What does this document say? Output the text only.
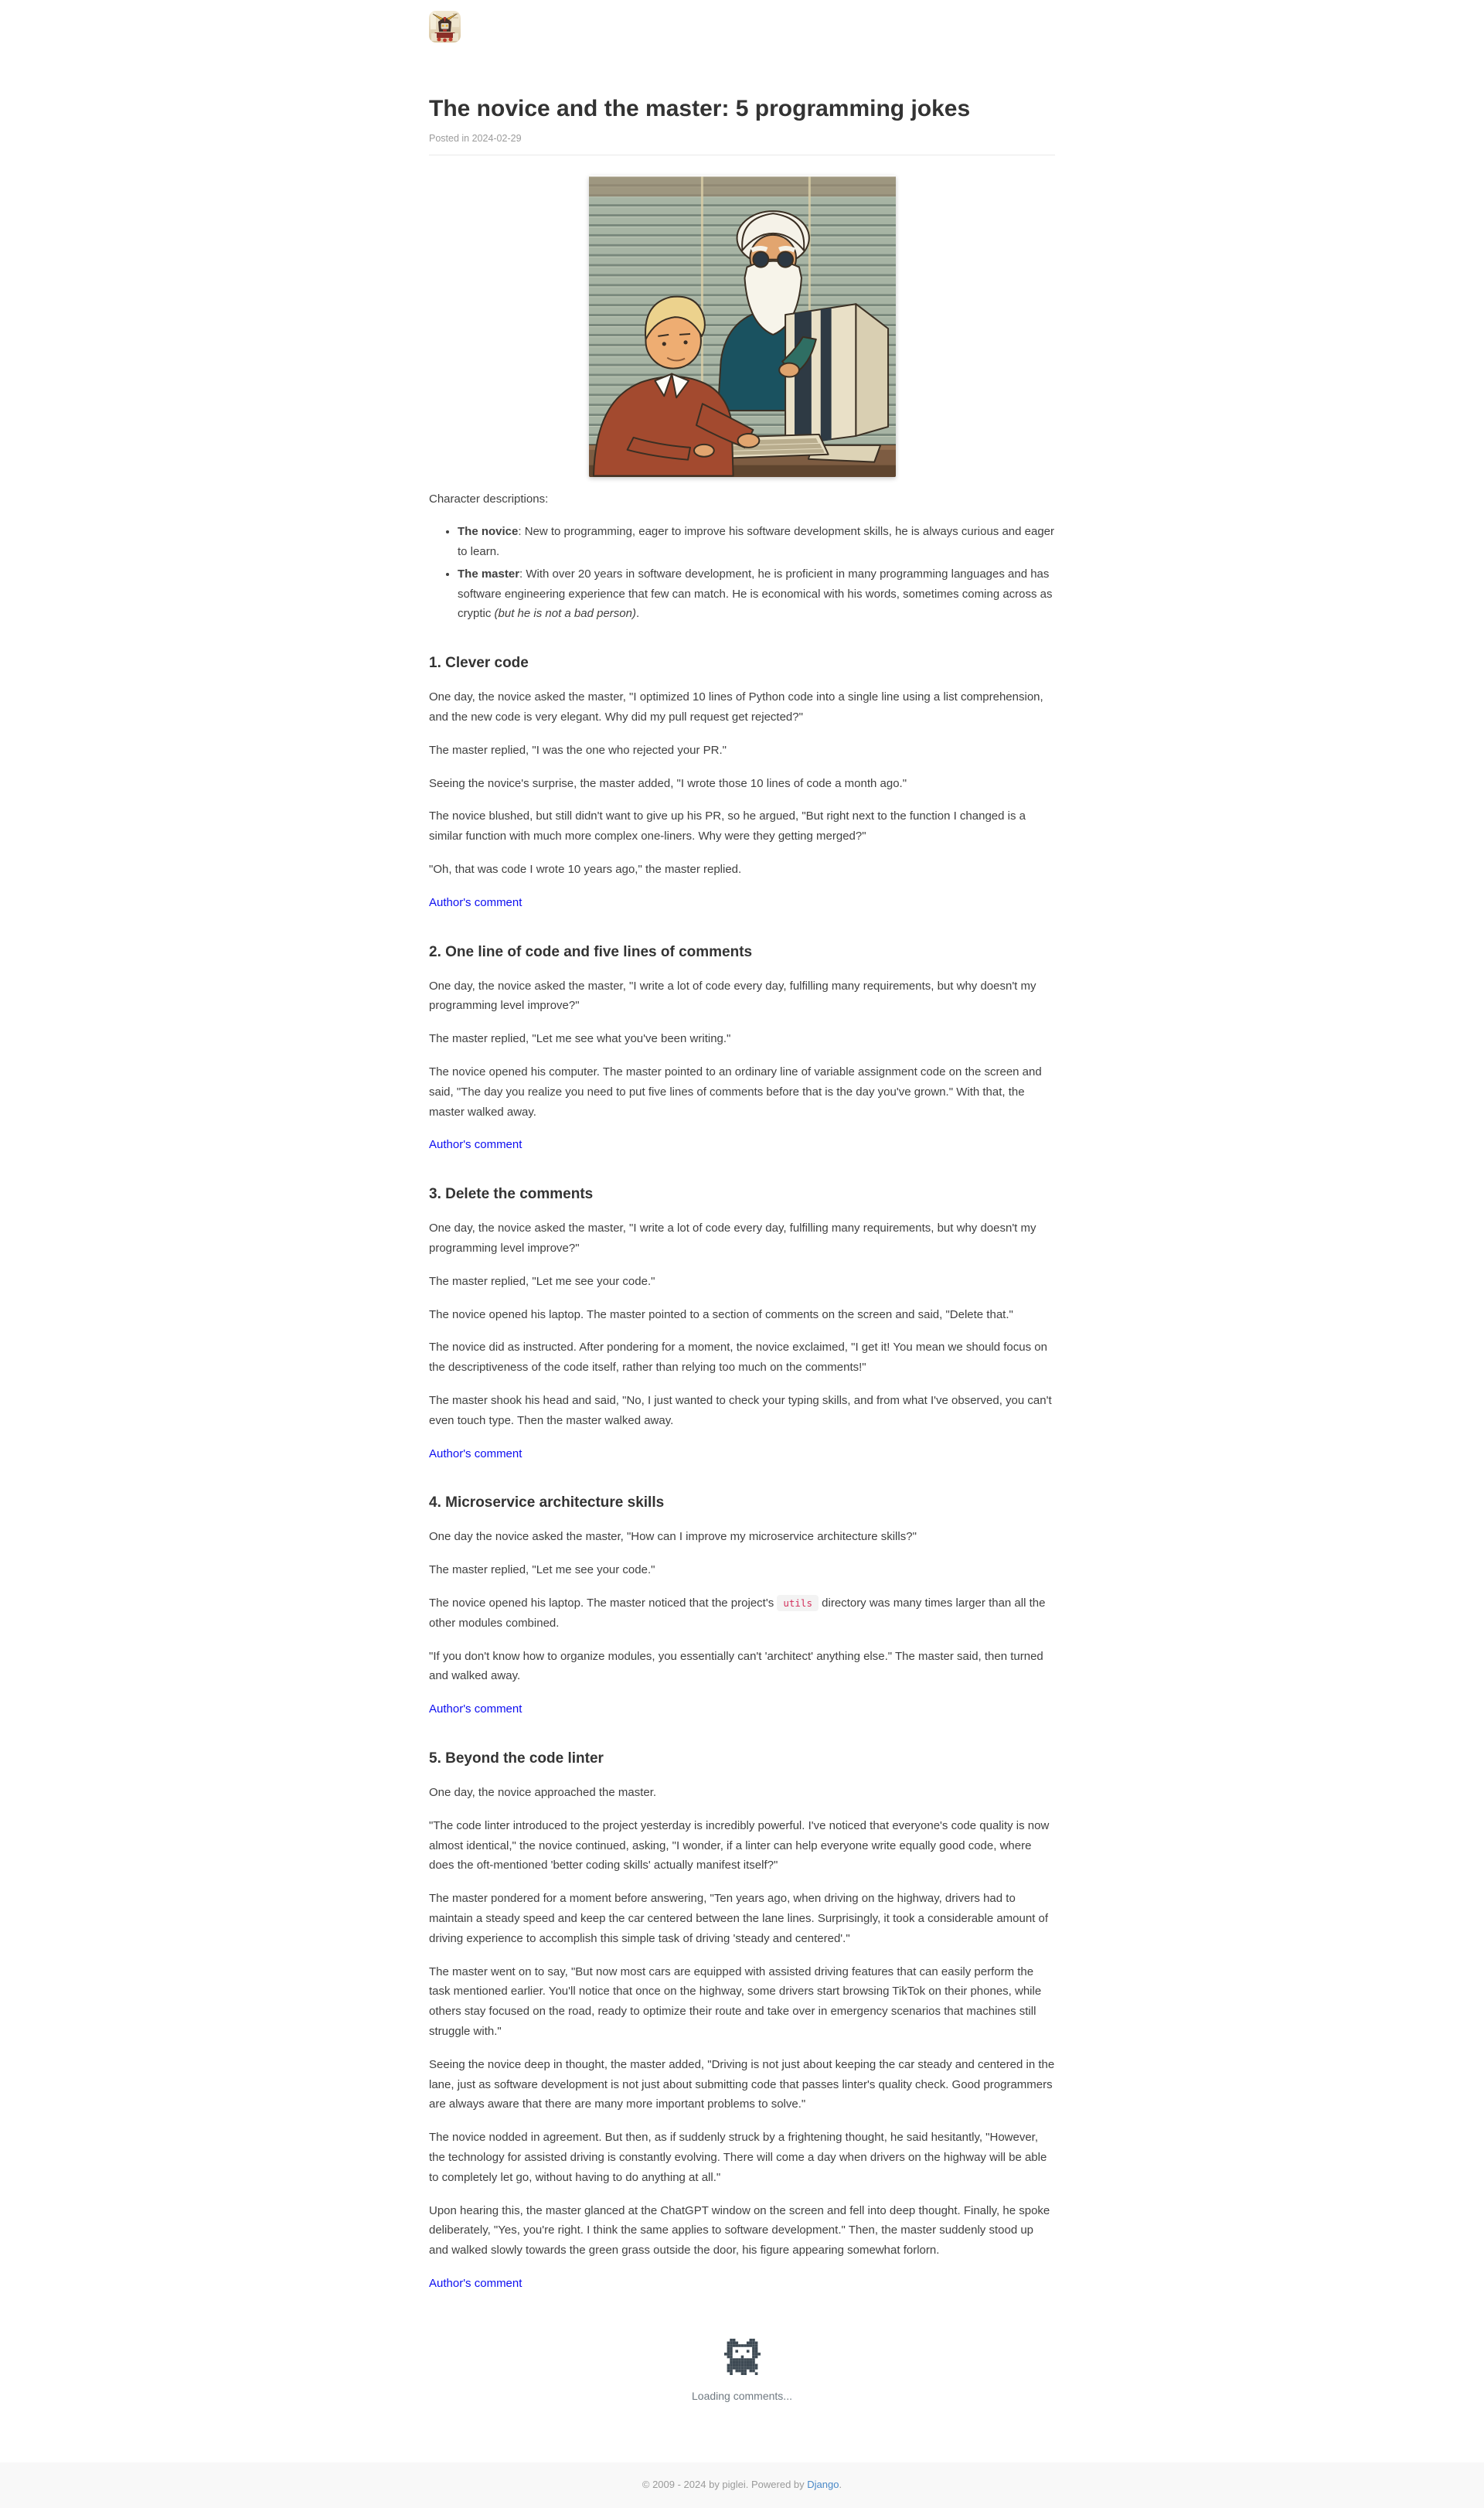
The novice and the master: 5 programming jokes
Posted in 2024-02-29

Character descriptions:

• The novice: New to programming, eager to improve his software development skills, he is always curious and eager to learn.
• The master: With over 20 years in software development, he is proficient in many programming languages and has software engineering experience that few can match. He is economical with his words, sometimes coming across as cryptic (but he is not a bad person).
1. Clever code

One day, the novice asked the master, "I optimized 10 lines of Python code into a single line using a list comprehension, and the new code is very elegant. Why did my pull request get rejected?"

The master replied, "I was the one who rejected your PR."

Seeing the novice's surprise, the master added, "I wrote those 10 lines of code a month ago."

The novice blushed, but still didn't want to give up his PR, so he argued, "But right next to the function I changed is a similar function with much more complex one-liners. Why were they getting merged?"

"Oh, that was code I wrote 10 years ago," the master replied.

Author's comment

2. One line of code and five lines of comments

One day, the novice asked the master, "I write a lot of code every day, fulfilling many requirements, but why doesn't my programming level improve?"

The master replied, "Let me see what you've been writing."

The novice opened his computer. The master pointed to an ordinary line of variable assignment code on the screen and said, "The day you realize you need to put five lines of comments before that is the day you've grown." With that, the master walked away.

Author's comment

3. Delete the comments

One day, the novice asked the master, "I write a lot of code every day, fulfilling many requirements, but why doesn't my programming level improve?"

The master replied, "Let me see your code."

The novice opened his laptop. The master pointed to a section of comments on the screen and said, "Delete that."

The novice did as instructed. After pondering for a moment, the novice exclaimed, "I get it! You mean we should focus on the descriptiveness of the code itself, rather than relying too much on the comments!"

The master shook his head and said, "No, I just wanted to check your typing skills, and from what I've observed, you can't even touch type. Then the master walked away.

Author's comment

4. Microservice architecture skills

One day the novice asked the master, "How can I improve my microservice architecture skills?"

The master replied, "Let me see your code."

The novice opened his laptop. The master noticed that the project's utils directory was many times larger than all the other modules combined.

"If you don't know how to organize modules, you essentially can't 'architect' anything else." The master said, then turned and walked away.

Author's comment

5. Beyond the code linter

One day, the novice approached the master.

"The code linter introduced to the project yesterday is incredibly powerful. I've noticed that everyone's code quality is now almost identical," the novice continued, asking, "I wonder, if a linter can help everyone write equally good code, where does the oft-mentioned 'better coding skills' actually manifest itself?"

The master pondered for a moment before answering, "Ten years ago, when driving on the highway, drivers had to maintain a steady speed and keep the car centered between the lane lines. Surprisingly, it took a considerable amount of driving experience to accomplish this simple task of driving 'steady and centered'."

The master went on to say, "But now most cars are equipped with assisted driving features that can easily perform the task mentioned earlier. You'll notice that once on the highway, some drivers start browsing TikTok on their phones, while others stay focused on the road, ready to optimize their route and take over in emergency scenarios that machines still struggle with."

Seeing the novice deep in thought, the master added, "Driving is not just about keeping the car steady and centered in the lane, just as software development is not just about submitting code that passes linter's quality check. Good programmers are always aware that there are many more important problems to solve."

The novice nodded in agreement. But then, as if suddenly struck by a frightening thought, he said hesitantly, "However, the technology for assisted driving is constantly evolving. There will come a day when drivers on the highway will be able to completely let go, without having to do anything at all."

Upon hearing this, the master glanced at the ChatGPT window on the screen and fell into deep thought. Finally, he spoke deliberately, "Yes, you're right. I think the same applies to software development." Then, the master suddenly stood up and walked slowly towards the green grass outside the door, his figure appearing somewhat forlorn.

Author's comment

Loading comments...
© 2009 - 2024 by piglei. Powered by Django.
